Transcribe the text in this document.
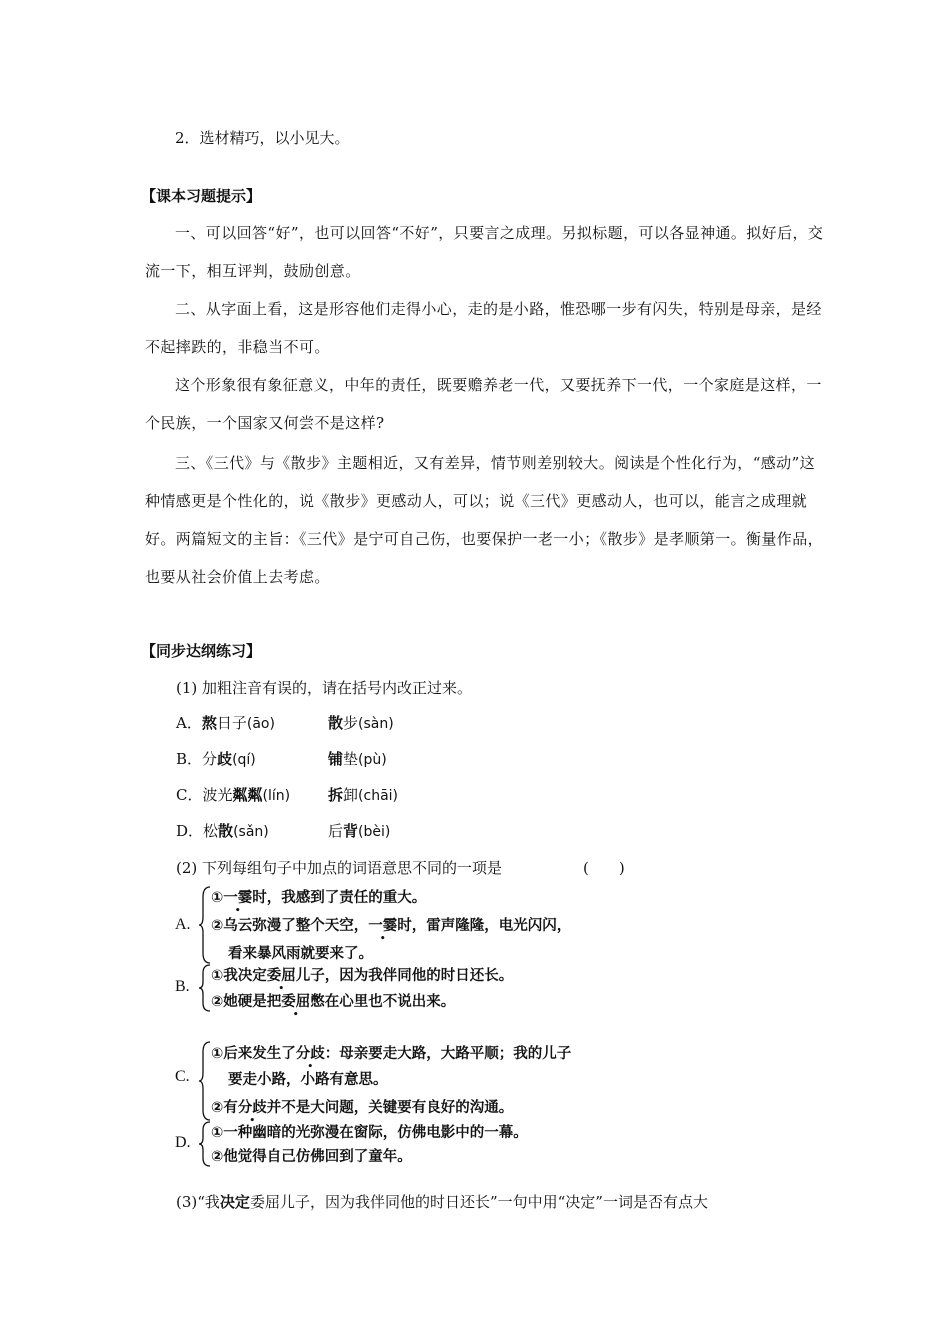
2．选材精巧，以小见大。
【课本习题提示】
一、可以回答“好”，也可以回答“不好”，只要言之成理。另拟标题，可以各显神通。拟好后，交流一下，相互评判，鼓励创意。
二、从字面上看，这是形容他们走得小心，走的是小路，惟恐哪一步有闪失，特别是母亲，是经不起摔跌的，非稳当不可。
这个形象很有象征意义，中年的责任，既要赡养老一代，又要抚养下一代，一个家庭是这样，一个民族，一个国家又何尝不是这样?
三、《三代》与《散步》主题相近，又有差异，情节则差别较大。阅读是个性化行为，“感动”这种情感更是个性化的，说《散步》更感动人，可以；说《三代》更感动人，也可以，能言之成理就好。两篇短文的主旨：《三代》是宁可自己伤，也要保护一老一小；《散步》是孝顺第一。衡量作品，也要从社会价值上去考虑。
【同步达纲练习】
(1) 加粗注音有误的，请在括号内改正过来。
A．熬日子(āo)	散步(sàn)
B．分歧(qí)	铺垫(pù)
C．波光粼粼(lín)	拆卸(chāi)
D．松散(sǎn)	后背(bèi)
(2) 下列每组句子中加点的词语意思不同的一项是	(　　)
A.
①一霎时，我感到了责任的重大。
②乌云弥漫了整个天空，一霎时，雷声隆隆，电光闪闪，
看来暴风雨就要来了。
B.
①我决定委屈儿子，因为我伴同他的时日还长。
②她硬是把委屈憋在心里也不说出来。
C.
①后来发生了分歧：母亲要走大路，大路平顺；我的儿子
要走小路，小路有意思。
②有分歧并不是大问题，关键要有良好的沟通。
D.
①一种幽暗的光弥漫在窗际，仿佛电影中的一幕。
②他觉得自己仿佛回到了童年。
(3)“我决定委屈儿子，因为我伴同他的时日还长”一句中用“决定”一词是否有点大
